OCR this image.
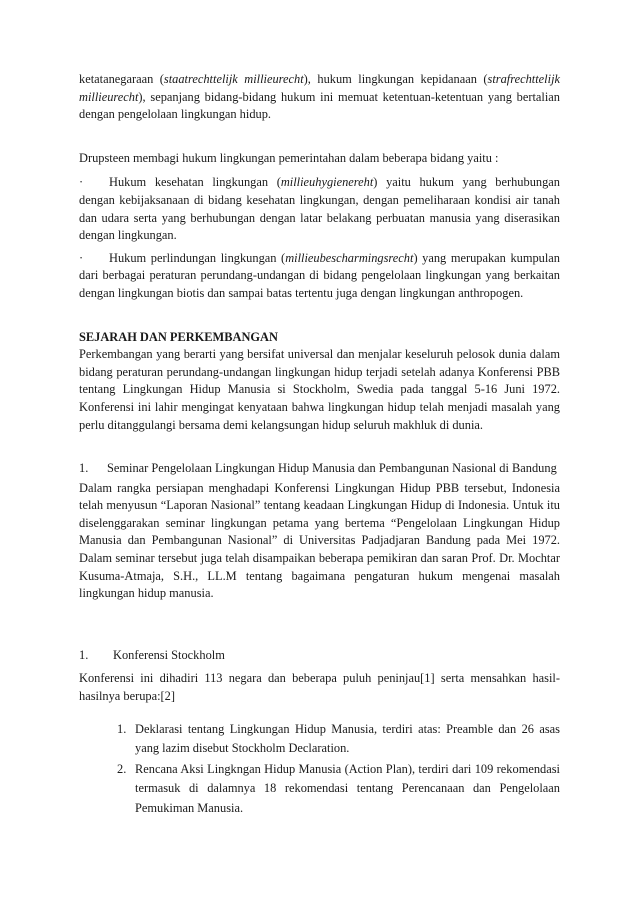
ketatanegaraan (staatrechttelijk millieurecht), hukum lingkungan kepidanaan (strafrechttelijk millieurecht), sepanjang bidang-bidang hukum ini memuat ketentuan-ketentuan yang bertalian dengan pengelolaan lingkungan hidup.

Drupsteen membagi hukum lingkungan pemerintahan dalam beberapa bidang yaitu :

· Hukum kesehatan lingkungan (millieuhygienereht) yaitu hukum yang berhubungan dengan kebijaksanaan di bidang kesehatan lingkungan, dengan pemeliharaan kondisi air tanah dan udara serta yang berhubungan dengan latar belakang perbuatan manusia yang diserasikan dengan lingkungan.

· Hukum perlindungan lingkungan (millieubescharmingsrecht) yang merupakan kumpulan dari berbagai peraturan perundang-undangan di bidang pengelolaan lingkungan yang berkaitan dengan lingkungan biotis dan sampai batas tertentu juga dengan lingkungan anthropogen.

SEJARAH DAN PERKEMBANGAN

Perkembangan yang berarti yang bersifat universal dan menjalar keseluruh pelosok dunia dalam bidang peraturan perundang-undangan lingkungan hidup terjadi setelah adanya Konferensi PBB tentang Lingkungan Hidup Manusia si Stockholm, Swedia pada tanggal 5-16 Juni 1972. Konferensi ini lahir mengingat kenyataan bahwa lingkungan hidup telah menjadi masalah yang perlu ditanggulangi bersama demi kelangsungan hidup seluruh makhluk di dunia.

1.	Seminar Pengelolaan Lingkungan Hidup Manusia dan Pembangunan Nasional di Bandung

Dalam rangka persiapan menghadapi Konferensi Lingkungan Hidup PBB tersebut, Indonesia telah menyusun “Laporan Nasional” tentang keadaan Lingkungan Hidup di Indonesia. Untuk itu diselenggarakan seminar lingkungan petama yang bertema “Pengelolaan Lingkungan Hidup Manusia dan Pembangunan Nasional” di Universitas Padjadjaran Bandung pada Mei 1972. Dalam seminar tersebut juga telah disampaikan beberapa pemikiran dan saran Prof. Dr. Mochtar Kusuma-Atmaja, S.H., LL.M tentang bagaimana pengaturan hukum mengenai masalah lingkungan hidup manusia.

1.	Konferensi Stockholm

Konferensi ini dihadiri 113 negara dan beberapa puluh peninjau[1] serta mensahkan hasil-hasilnya berupa:[2]

1. Deklarasi tentang Lingkungan Hidup Manusia, terdiri atas: Preamble dan 26 asas yang lazim disebut Stockholm Declaration.
2. Rencana Aksi Lingkngan Hidup Manusia (Action Plan), terdiri dari 109 rekomendasi termasuk di dalamnya 18 rekomendasi tentang Perencanaan dan Pengelolaan Pemukiman Manusia.
